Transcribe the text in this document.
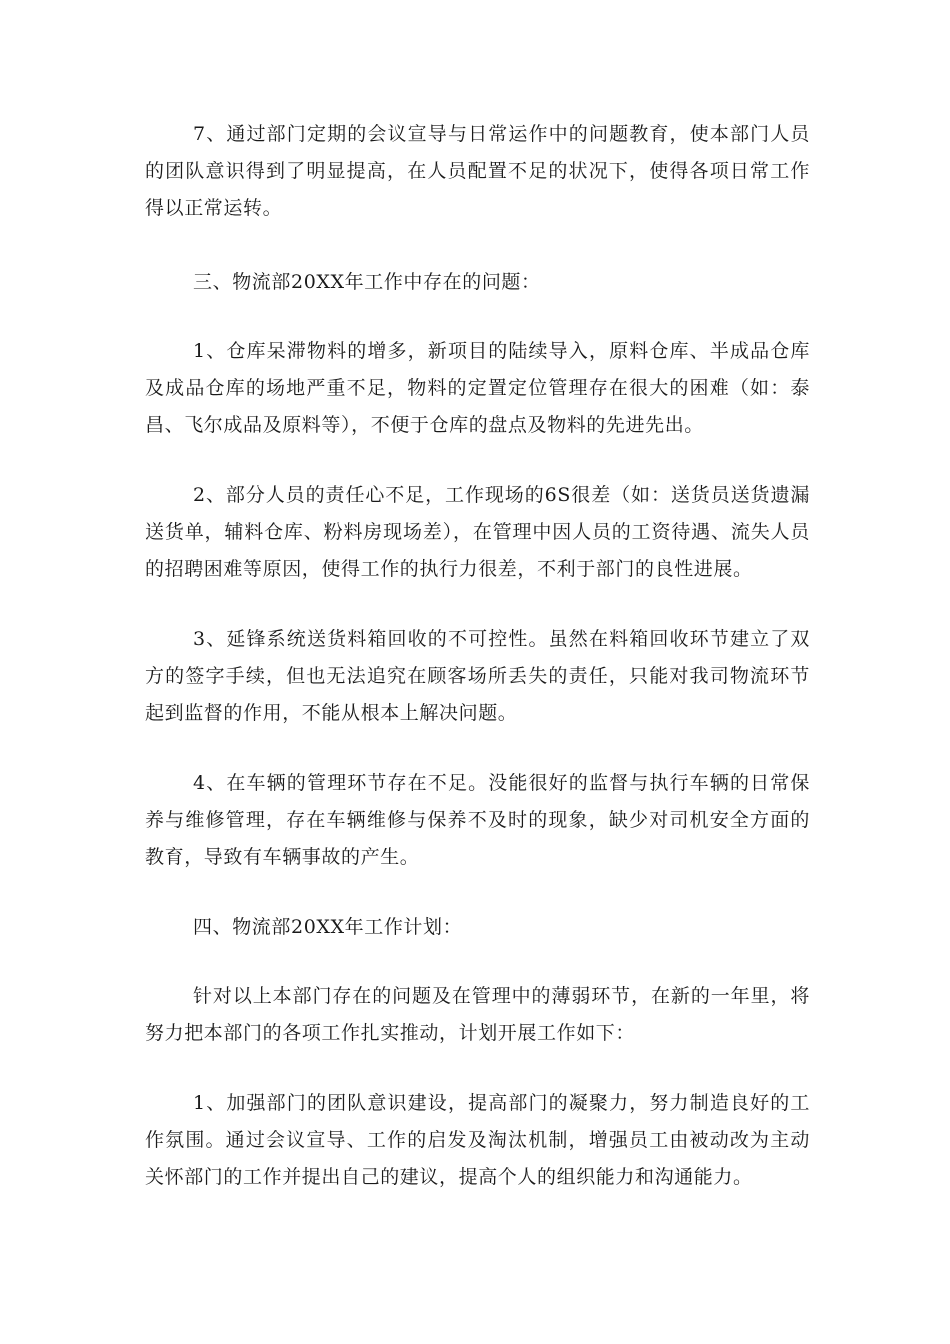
7、通过部门定期的会议宣导与日常运作中的问题教育，使本部门人员的团队意识得到了明显提高，在人员配置不足的状况下，使得各项日常工作得以正常运转。

三、物流部20XX年工作中存在的问题：

1、仓库呆滞物料的增多，新项目的陆续导入，原料仓库、半成品仓库及成品仓库的场地严重不足，物料的定置定位管理存在很大的困难（如：泰昌、飞尔成品及原料等），不便于仓库的盘点及物料的先进先出。

2、部分人员的责任心不足，工作现场的6S很差（如：送货员送货遗漏送货单，辅料仓库、粉料房现场差），在管理中因人员的工资待遇、流失人员的招聘困难等原因，使得工作的执行力很差，不利于部门的良性进展。

3、延锋系统送货料箱回收的不可控性。虽然在料箱回收环节建立了双方的签字手续，但也无法追究在顾客场所丢失的责任，只能对我司物流环节起到监督的作用，不能从根本上解决问题。

4、在车辆的管理环节存在不足。没能很好的监督与执行车辆的日常保养与维修管理，存在车辆维修与保养不及时的现象，缺少对司机安全方面的教育，导致有车辆事故的产生。

四、物流部20XX年工作计划：

针对以上本部门存在的问题及在管理中的薄弱环节，在新的一年里，将努力把本部门的各项工作扎实推动，计划开展工作如下：

1、加强部门的团队意识建设，提高部门的凝聚力，努力制造良好的工作氛围。通过会议宣导、工作的启发及淘汰机制，增强员工由被动改为主动关怀部门的工作并提出自己的建议，提高个人的组织能力和沟通能力。
